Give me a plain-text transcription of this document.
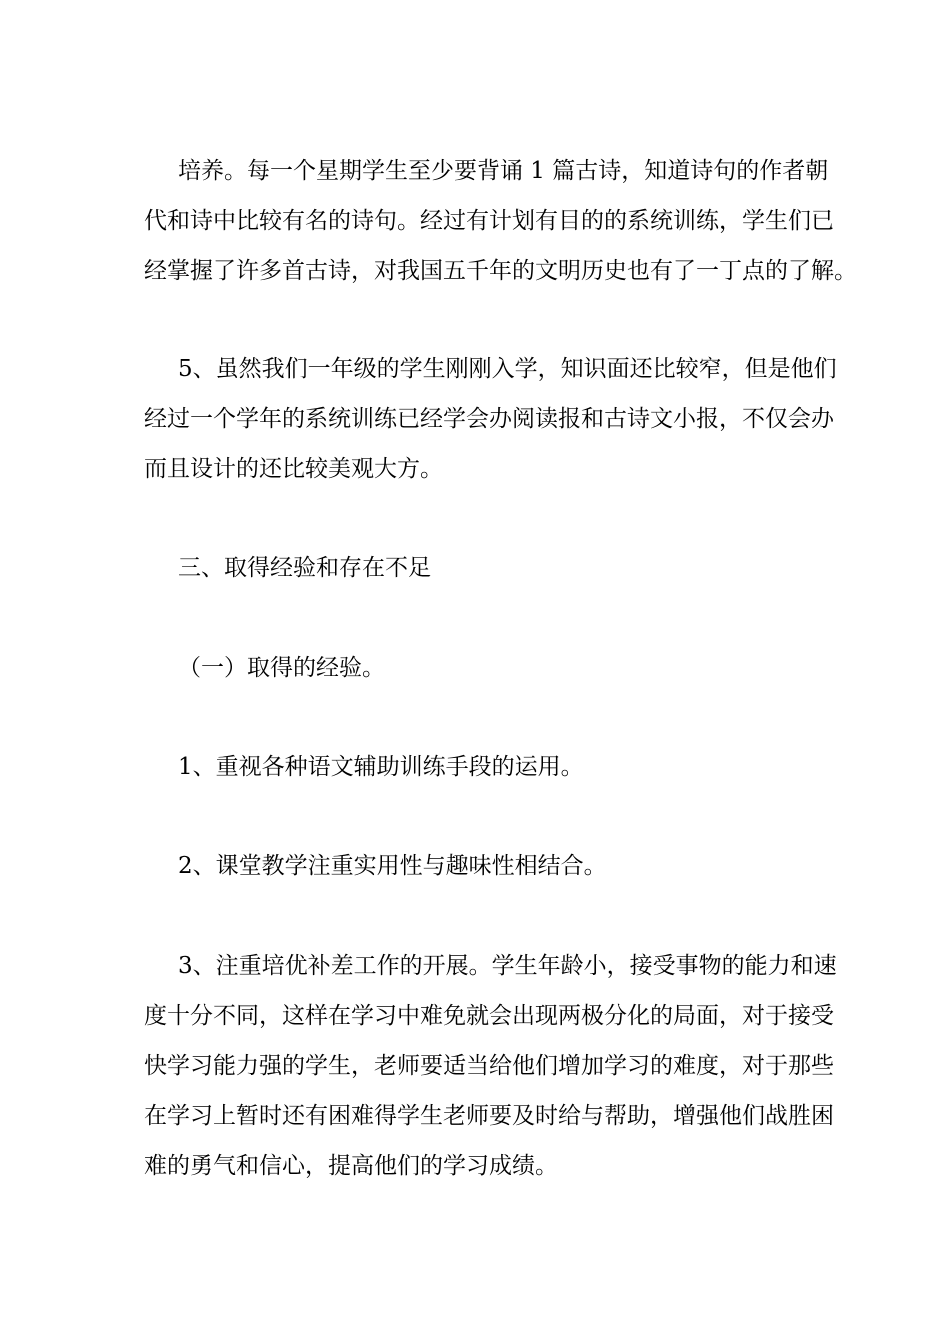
培养。每一个星期学生至少要背诵 1 篇古诗，知道诗句的作者朝
代和诗中比较有名的诗句。经过有计划有目的的系统训练，学生们已
经掌握了许多首古诗，对我国五千年的文明历史也有了一丁点的了解。
5、虽然我们一年级的学生刚刚入学，知识面还比较窄，但是他们
经过一个学年的系统训练已经学会办阅读报和古诗文小报，不仅会办
而且设计的还比较美观大方。
三、取得经验和存在不足
（一）取得的经验。
1、重视各种语文辅助训练手段的运用。
2、课堂教学注重实用性与趣味性相结合。
3、注重培优补差工作的开展。学生年龄小，接受事物的能力和速
度十分不同，这样在学习中难免就会出现两极分化的局面，对于接受
快学习能力强的学生，老师要适当给他们增加学习的难度，对于那些
在学习上暂时还有困难得学生老师要及时给与帮助，增强他们战胜困
难的勇气和信心，提高他们的学习成绩。
